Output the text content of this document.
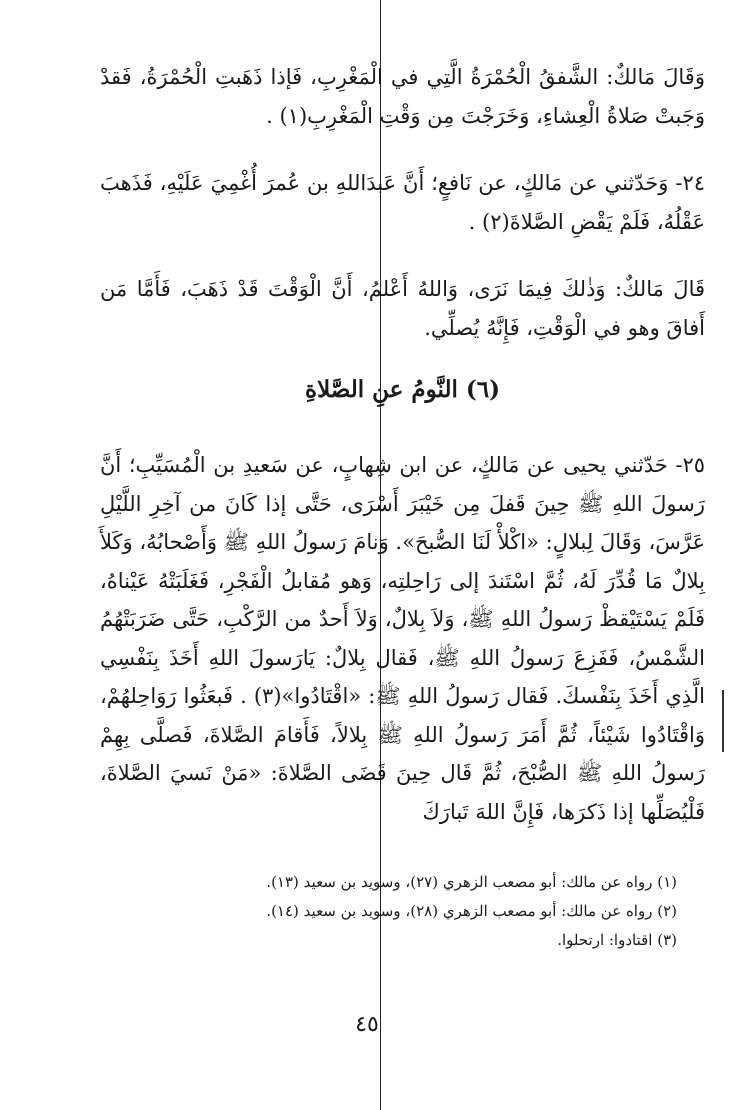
وَقَالَ مَالكٌ: الشَّفقُ الْحُمْرَةُ الَّتِي في الْمَغْرِبِ، فَإذا ذَهَبتِ الْحُمْرَةُ، فَقدْ وَجَبتْ صَلاةُ الْعِشاءِ، وَخَرَجْتَ مِن وَقْتِ الْمَغْرِبِ(١) .

٢٤- وَحَدّثني عن مَالكٍ، عن نَافعٍ؛ أَنَّ عَبدَاللهِ بن عُمرَ أُغْمِيَ عَلَيْهِ، فَذَهبَ عَقْلُهُ، فَلَمْ يَقْضِ الصَّلاةَ(٢) .

قَالَ مَالكٌ: وَذٰلكَ فِيمَا نَرَى، وَاللهُ أَعْلمُ، أَنَّ الْوَقْتَ قَدْ ذَهَبَ، فَأَمَّا مَن أَفاقَ وهو في الْوَقْتِ، فَإِنَّهُ يُصلِّي.

(٦) النَّومُ عنِ الصَّلاةِ

٢٥- حَدّثني يحيى عن مَالكٍ، عن ابن شِهابٍ، عن سَعيدِ بن الْمُسَيِّبِ؛ أَنَّ رَسولَ اللهِ ﷺ حِينَ قَفلَ مِن خَيْبَرَ أَسْرَى، حَتَّى إذا كَانَ من آخِرِ اللَّيْلِ عَرَّسَ، وَقَالَ لِبلالٍ: «اكْلأْ لَنَا الصُّبحَ». وَنامَ رَسولُ اللهِ ﷺ وَأَصْحابُهُ، وَكَلأَ بِلالٌ مَا قُدِّرَ لَهُ، ثُمَّ اسْتَندَ إلى رَاحِلتِه، وَهو مُقابلُ الْفَجْرِ، فَغَلَبَتْهُ عَيْناهُ، فَلَمْ يَسْتَيْقظْ رَسولُ اللهِ ﷺ، وَلاَ بِلالٌ، وَلاَ أَحدٌ من الرَّكْبِ، حَتَّى ضَرَبَتْهُمُ الشَّمْسُ، فَفَزِعَ رَسولُ اللهِ ﷺ، فَقال بِلالٌ: يَارَسولَ اللهِ أَخَذَ بِنَفْسِي الَّذِي أَخَذَ بِنَفْسكَ. فَقال رَسولُ اللهِ ﷺ: «اقْتَادُوا»(٣) . فَبعَثُوا رَوَاحِلهُمْ، وَاقْتَادُوا شَيْئاً، ثُمَّ أَمَرَ رَسولُ اللهِ ﷺ بِلالاً، فَأَقامَ الصَّلاةَ، فَصلَّى بِهِمْ رَسولُ اللهِ ﷺ الصُّبْحَ، ثُمَّ قَال حِينَ قَضَى الصَّلاةَ: «مَنْ نَسيَ الصَّلاةَ، فَلْيُصَلِّها إذا ذَكرَها، فَإِنَّ اللهَ تَبارَكَ

(١) رواه عن مالك: أبو مصعب الزهري (٢٧)، وسويد بن سعيد (١٣).

(٢) رواه عن مالك: أبو مصعب الزهري (٢٨)، وسويد بن سعيد (١٤).

(٣) اقتادوا: ارتحلوا.

٤٥
